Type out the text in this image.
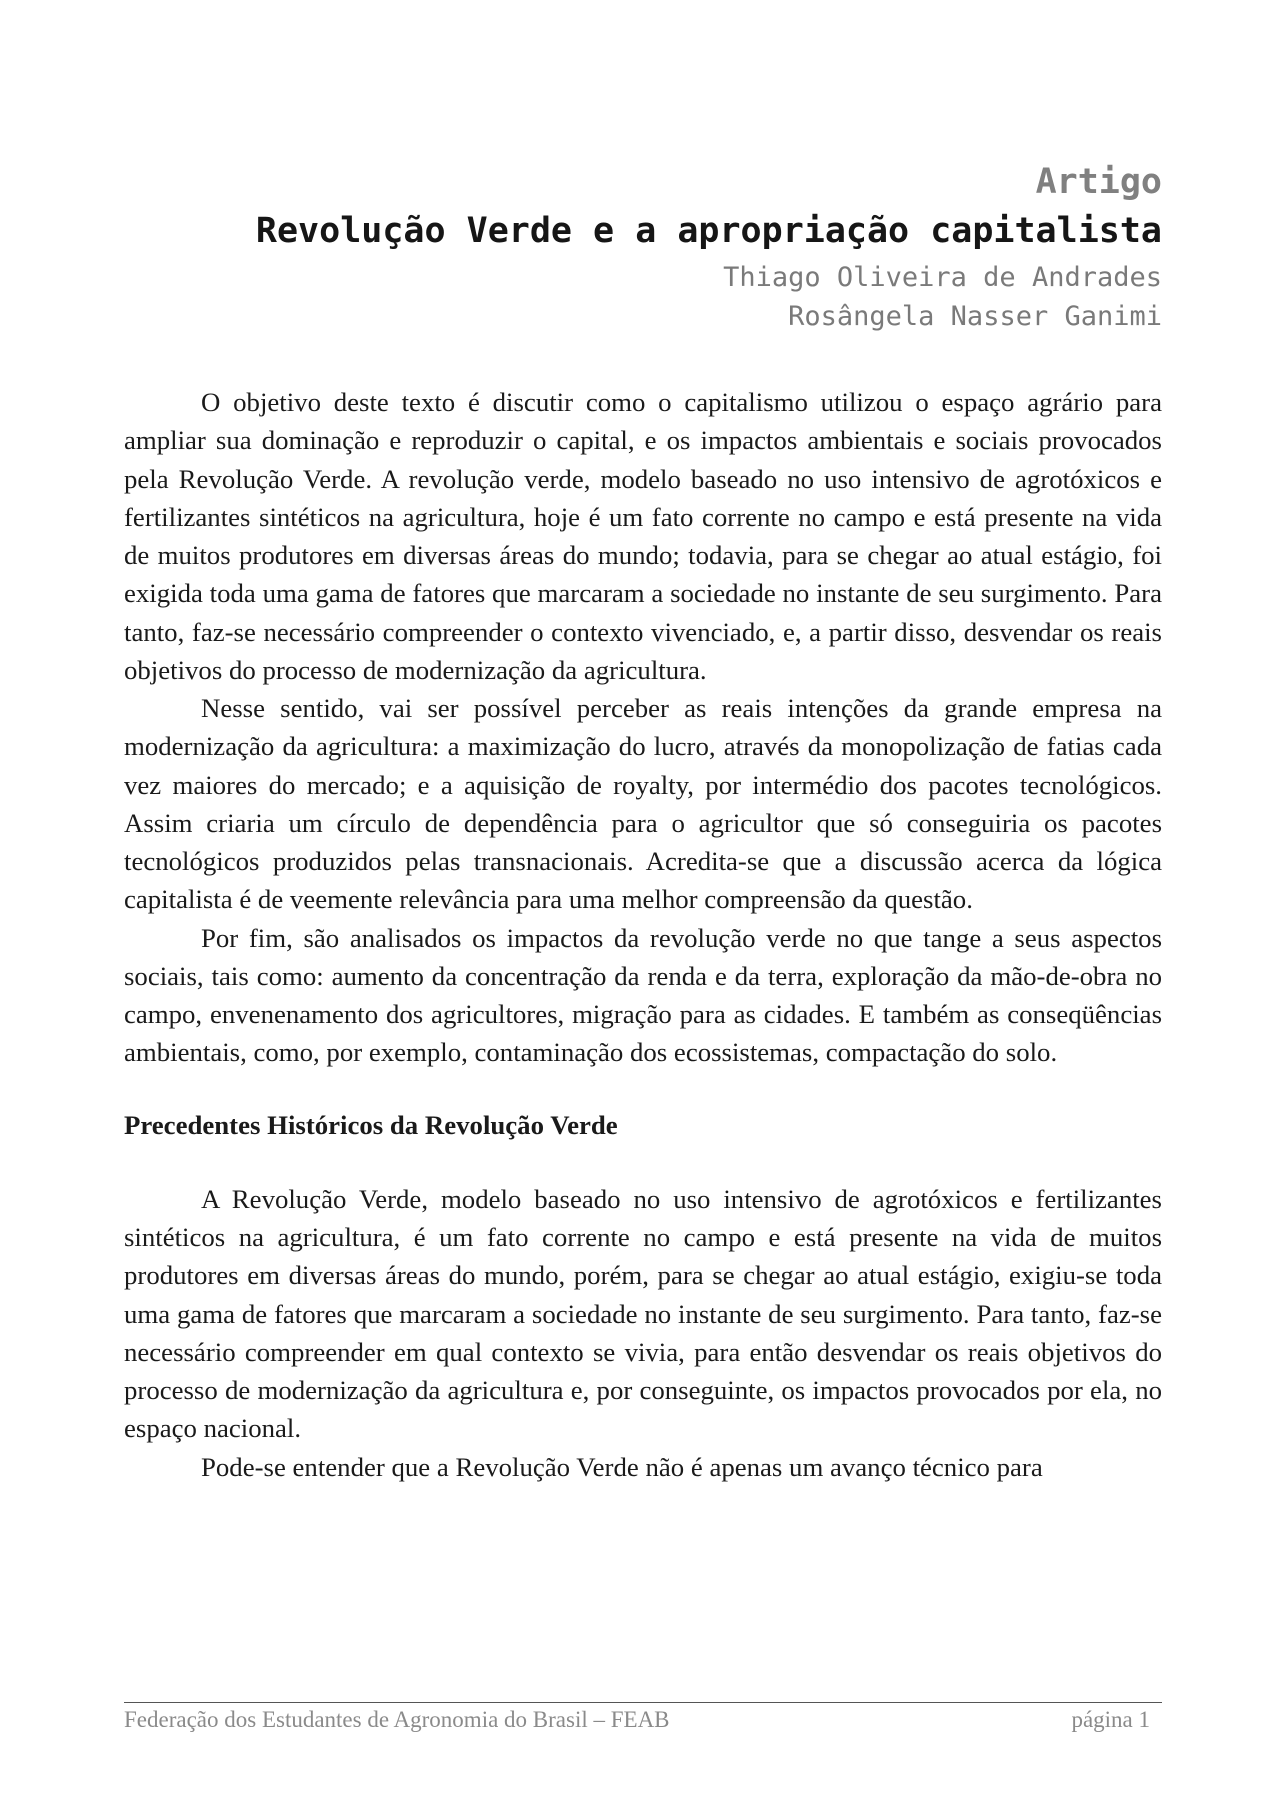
Artigo
Revolução Verde e a apropriação capitalista
Thiago Oliveira de Andrades
Rosângela Nasser Ganimi

O objetivo deste texto é discutir como o capitalismo utilizou o espaço agrário para ampliar sua dominação e reproduzir o capital, e os impactos ambientais e sociais provocados pela Revolução Verde. A revolução verde, modelo baseado no uso intensivo de agrotóxicos e fertilizantes sintéticos na agricultura, hoje é um fato corrente no campo e está presente na vida de muitos produtores em diversas áreas do mundo; todavia, para se chegar ao atual estágio, foi exigida toda uma gama de fatores que marcaram a sociedade no instante de seu surgimento. Para tanto, faz-se necessário compreender o contexto vivenciado, e, a partir disso, desvendar os reais objetivos do processo de modernização da agricultura.

Nesse sentido, vai ser possível perceber as reais intenções da grande empresa na modernização da agricultura: a maximização do lucro, através da monopolização de fatias cada vez maiores do mercado; e a aquisição de royalty, por intermédio dos pacotes tecnológicos. Assim criaria um círculo de dependência para o agricultor que só conseguiria os pacotes tecnológicos produzidos pelas transnacionais. Acredita-se que a discussão acerca da lógica capitalista é de veemente relevância para uma melhor compreensão da questão.

Por fim, são analisados os impactos da revolução verde no que tange a seus aspectos sociais, tais como: aumento da concentração da renda e da terra, exploração da mão-de-obra no campo, envenenamento dos agricultores, migração para as cidades. E também as conseqüências ambientais, como, por exemplo, contaminação dos ecossistemas, compactação do solo.

Precedentes Históricos da Revolução Verde

A Revolução Verde, modelo baseado no uso intensivo de agrotóxicos e fertilizantes sintéticos na agricultura, é um fato corrente no campo e está presente na vida de muitos produtores em diversas áreas do mundo, porém, para se chegar ao atual estágio, exigiu-se toda uma gama de fatores que marcaram a sociedade no instante de seu surgimento. Para tanto, faz-se necessário compreender em qual contexto se vivia, para então desvendar os reais objetivos do processo de modernização da agricultura e, por conseguinte, os impactos provocados por ela, no espaço nacional.

Pode-se entender que a Revolução Verde não é apenas um avanço técnico para

Federação dos Estudantes de Agronomia do Brasil – FEAB	página 1
